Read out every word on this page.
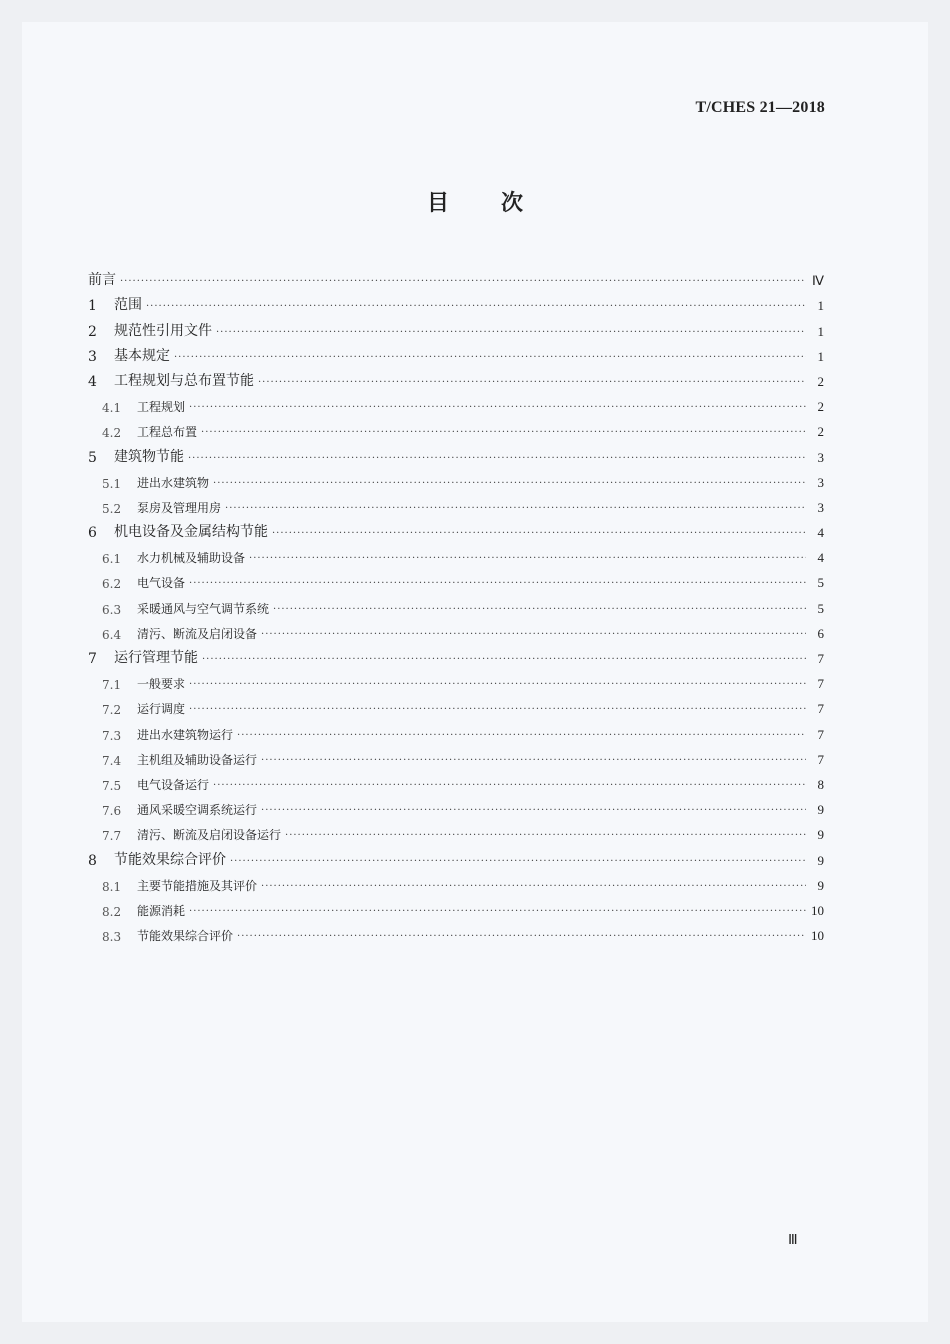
T/CHES 21—2018
目 次
前言 ·····	Ⅳ
1	范围 ·····	1
2	规范性引用文件 ·····	1
3	基本规定 ·····	1
4	工程规划与总布置节能 ·····	2
4.1	工程规划 ·····	2
4.2	工程总布置 ·····	2
5	建筑物节能 ·····	3
5.1	进出水建筑物 ·····	3
5.2	泵房及管理用房 ·····	3
6	机电设备及金属结构节能 ·····	4
6.1	水力机械及辅助设备 ·····	4
6.2	电气设备 ·····	5
6.3	采暖通风与空气调节系统 ·····	5
6.4	清污、断流及启闭设备 ·····	6
7	运行管理节能 ·····	7
7.1	一般要求 ·····	7
7.2	运行调度 ·····	7
7.3	进出水建筑物运行 ·····	7
7.4	主机组及辅助设备运行 ·····	7
7.5	电气设备运行 ·····	8
7.6	通风采暖空调系统运行 ·····	9
7.7	清污、断流及启闭设备运行 ·····	9
8	节能效果综合评价 ·····	9
8.1	主要节能措施及其评价 ·····	9
8.2	能源消耗 ·····	10
8.3	节能效果综合评价 ·····	10
Ⅲ
